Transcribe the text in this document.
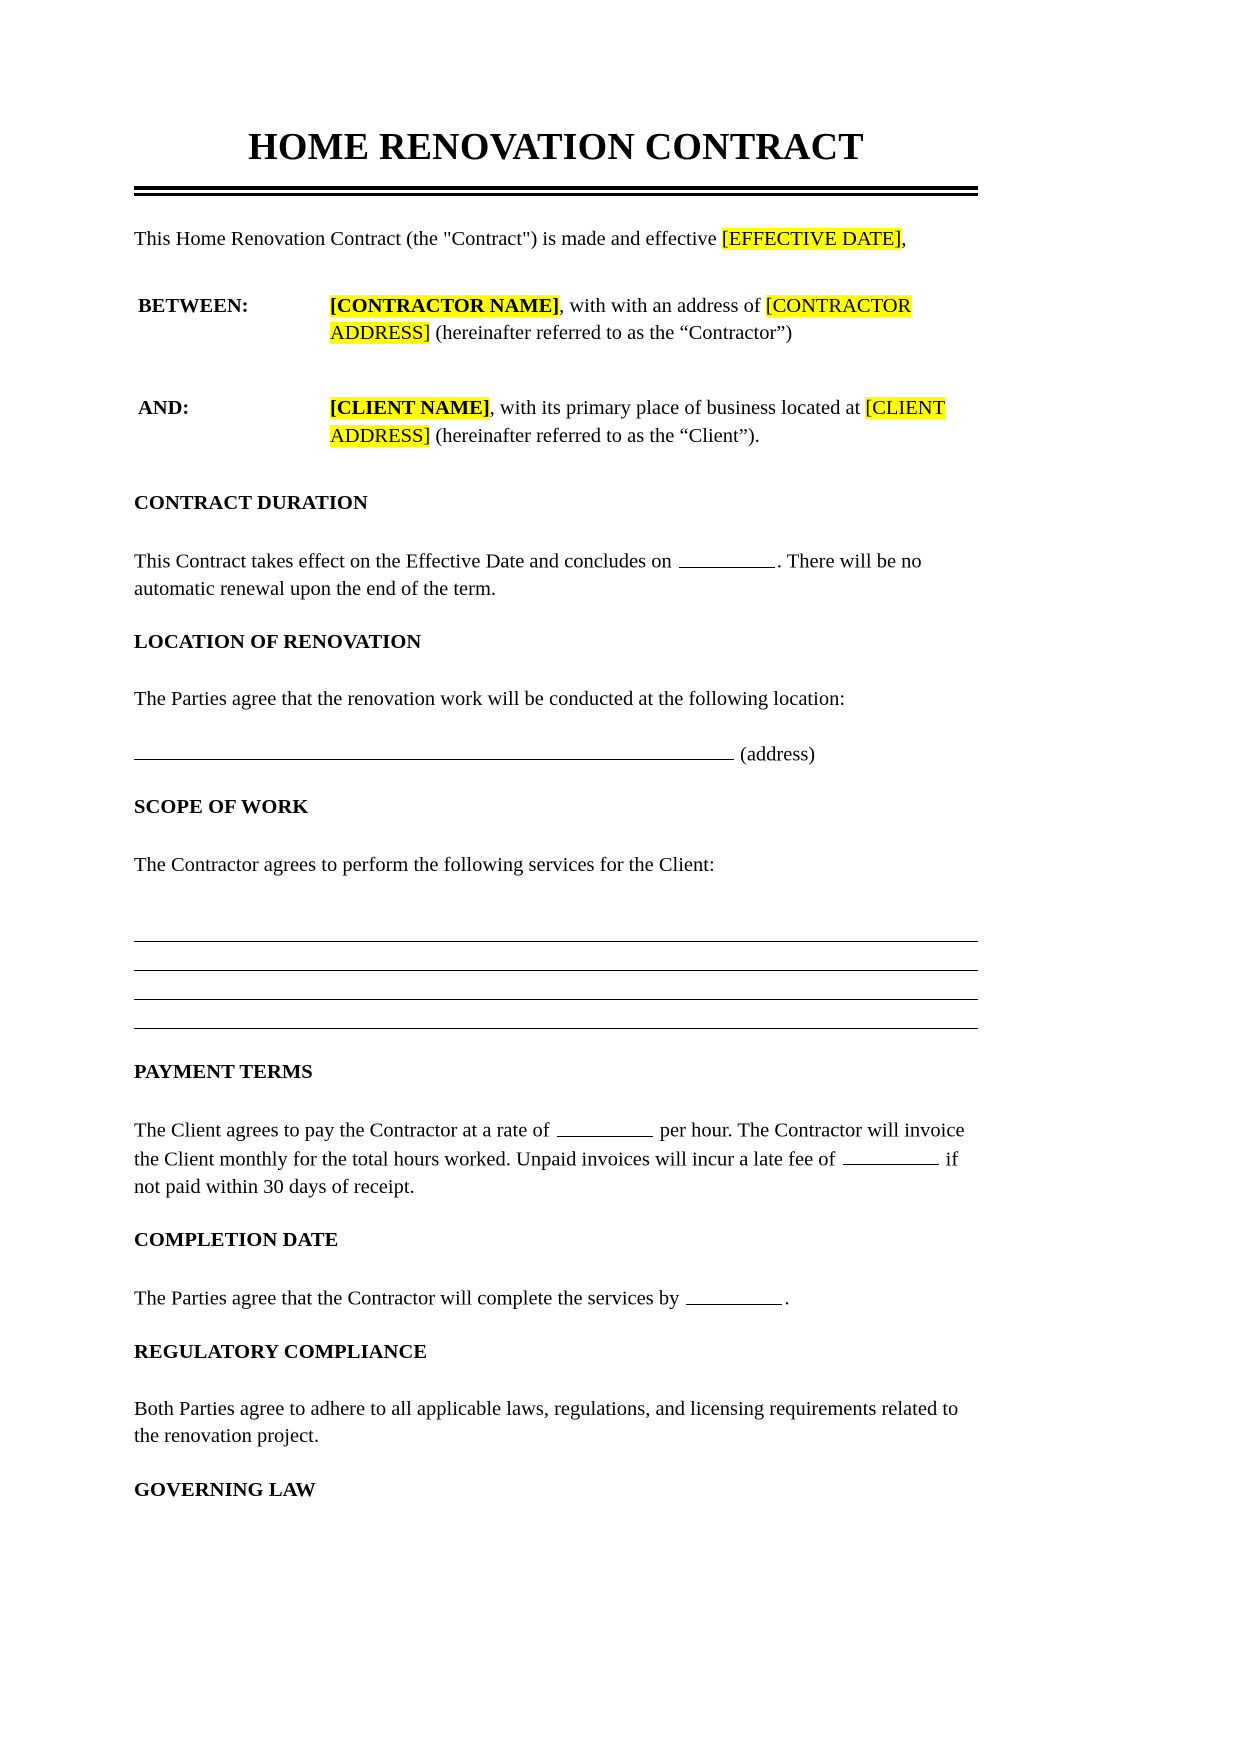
HOME RENOVATION CONTRACT

This Home Renovation Contract (the "Contract") is made and effective [EFFECTIVE DATE],

BETWEEN:	[CONTRACTOR NAME], with with an address of [CONTRACTOR ADDRESS] (hereinafter referred to as the “Contractor”)
AND:	[CLIENT NAME], with its primary place of business located at [CLIENT ADDRESS] (hereinafter referred to as the “Client”).
CONTRACT DURATION

This Contract takes effect on the Effective Date and concludes on	. There will be no automatic renewal upon the end of the term.

LOCATION OF RENOVATION

The Parties agree that the renovation work will be conducted at the following location:

(address)

SCOPE OF WORK

The Contractor agrees to perform the following services for the Client:

PAYMENT TERMS

The Client agrees to pay the Contractor at a rate of	per hour. The Contractor will invoice the Client monthly for the total hours worked. Unpaid invoices will incur a late fee of	if not paid within 30 days of receipt.

COMPLETION DATE

The Parties agree that the Contractor will complete the services by	.

REGULATORY COMPLIANCE

Both Parties agree to adhere to all applicable laws, regulations, and licensing requirements related to the renovation project.

GOVERNING LAW
